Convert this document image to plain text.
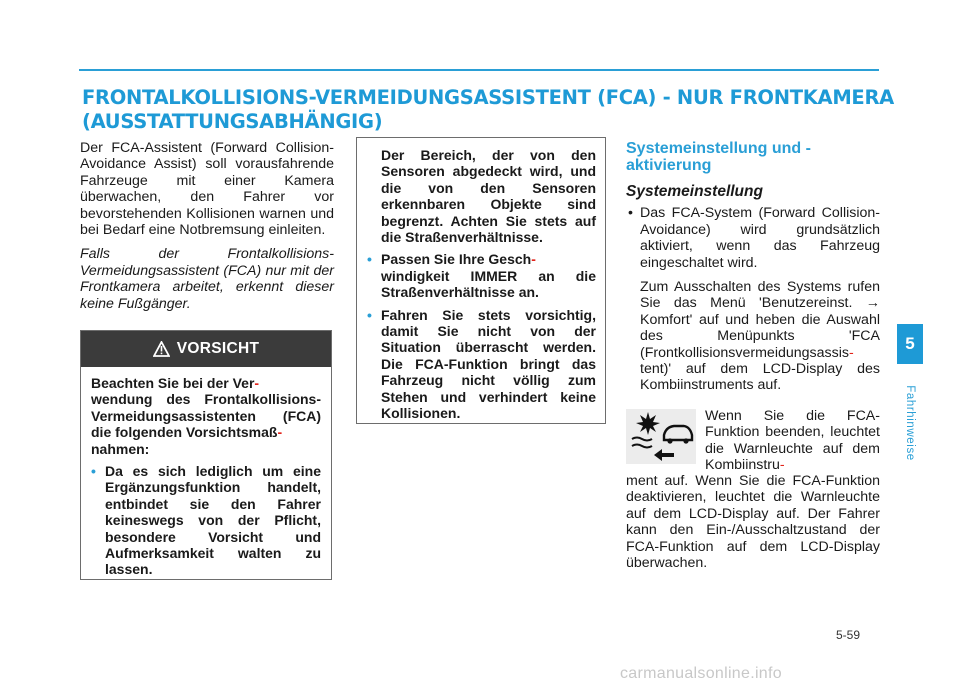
FRONTALKOLLISIONS-VERMEIDUNGSASSISTENT (FCA) - NUR FRONTKAMERA
(AUSSTATTUNGSABHÄNGIG)

Der FCA-Assistent (Forward Collision-Avoidance Assist) soll vorausfahrende Fahrzeuge mit einer Kamera überwachen, den Fahrer vor bevorstehenden Kollisionen warnen und bei Bedarf eine Notbremsung einleiten.

Falls der Frontalkollisions-Vermeidungsassistent (FCA) nur mit der Frontkamera arbeitet, erkennt dieser keine Fußgänger.

VORSICHT

Beachten Sie bei der Ver-
wendung des Frontalkollisions-Vermeidungsassistenten (FCA) die folgenden Vorsichtsmaß-
nahmen:

• Da es sich lediglich um eine Ergänzungsfunktion handelt, entbindet sie den Fahrer keineswegs von der Pflicht, besondere Vorsicht und Aufmerksamkeit walten zu lassen.

Der Bereich, der von den Sensoren abgedeckt wird, und die von den Sensoren erkennbaren Objekte sind begrenzt. Achten Sie stets auf die Straßenverhältnisse.

• Passen Sie Ihre Gesch-
windigkeit IMMER an die Straßenverhältnisse an.
• Fahren Sie stets vorsichtig, damit Sie nicht von der Situation überrascht werden. Die FCA-Funktion bringt das Fahrzeug nicht völlig zum Stehen und verhindert keine Kollisionen.
Systemeinstellung und -aktivierung
Systemeinstellung
• Das FCA-System (Forward Collision-Avoidance) wird grundsätzlich aktiviert, wenn das Fahrzeug eingeschaltet wird.

Zum Ausschalten des Systems rufen Sie das Menü 'Benutzereinst. → Komfort' auf und heben die Auswahl des Menüpunkts 'FCA (Frontkollisionsvermeidungsassis-
tent)' auf dem LCD-Display des Kombiinstruments auf.

Wenn Sie die FCA-Funktion beenden, leuchtet die Warnleuchte auf dem Kombiinstru-
ment auf. Wenn Sie die FCA-Funktion deaktivieren, leuchtet die Warnleuchte auf dem LCD-Display auf. Der Fahrer kann den Ein-/Ausschaltzustand der FCA-Funktion auf dem LCD-Display überwachen.
5
Fahrhinweise
5-59
carmanualsonline.info
